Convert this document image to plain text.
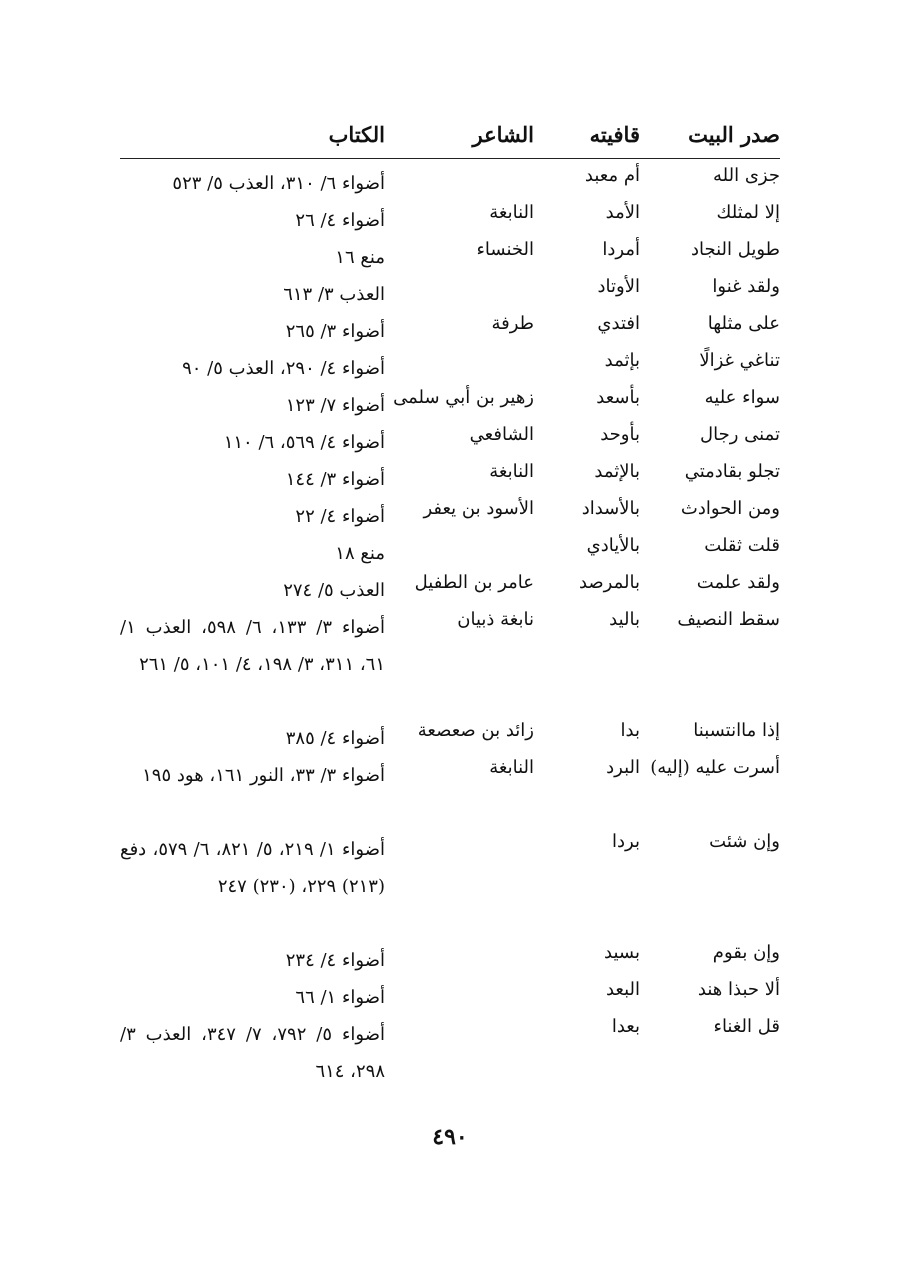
صدر البيت
قافيته
الشاعر
الكتاب
جزى الله
أم معبد
أضواء ٦/ ٣١٠، العذب ٥/ ٥٢٣
إلا لمثلك
الأمد
النابغة
أضواء ٤/ ٢٦
طويل النجاد
أمردا
الخنساء
منع ١٦
ولقد غنوا
الأوتاد
العذب ٣/ ٦١٣
على مثلها
افتدي
طرفة
أضواء ٣/ ٢٦٥
تناغي غزالًا
بإثمد
أضواء ٤/ ٢٩٠، العذب ٥/ ٩٠
سواء عليه
بأسعد
زهير بن أبي سلمى
أضواء ٧/ ١٢٣
تمنى رجال
بأوحد
الشافعي
أضواء ٤/ ٥٦٩، ٦/ ١١٠
تجلو بقادمتي
بالإثمد
النابغة
أضواء ٣/ ١٤٤
ومن الحوادث
بالأسداد
الأسود بن يعفر
أضواء ٤/ ٢٢
قلت ثقلت
بالأيادي
منع ١٨
ولقد علمت
بالمرصد
عامر بن الطفيل
العذب ٥/ ٢٧٤
سقط النصيف
باليد
نابغة ذبيان
أضواء ٣/ ١٣٣، ٦/ ٥٩٨، العذب ١/ ٦١، ٣١١، ٣/ ١٩٨، ٤/ ١٠١، ٥/ ٢٦١
إذا ماانتسبنا
بدا
زائد بن صعصعة
أضواء ٤/ ٣٨٥
أسرت عليه (إليه)
البرد
النابغة
أضواء ٣/ ٣٣، النور ١٦١، هود ١٩٥
وإن شئت
بردا
أضواء ١/ ٢١٩، ٥/ ٨٢١، ٦/ ٥٧٩، دفع (٢١٣) ٢٢٩، (٢٣٠) ٢٤٧
وإن بقوم
بسيد
أضواء ٤/ ٢٣٤
ألا حبذا هند
البعد
أضواء ١/ ٦٦
قل الغناء
بعدا
أضواء ٥/ ٧٩٢، ٧/ ٣٤٧، العذب ٣/ ٢٩٨، ٦١٤
٤٩٠
